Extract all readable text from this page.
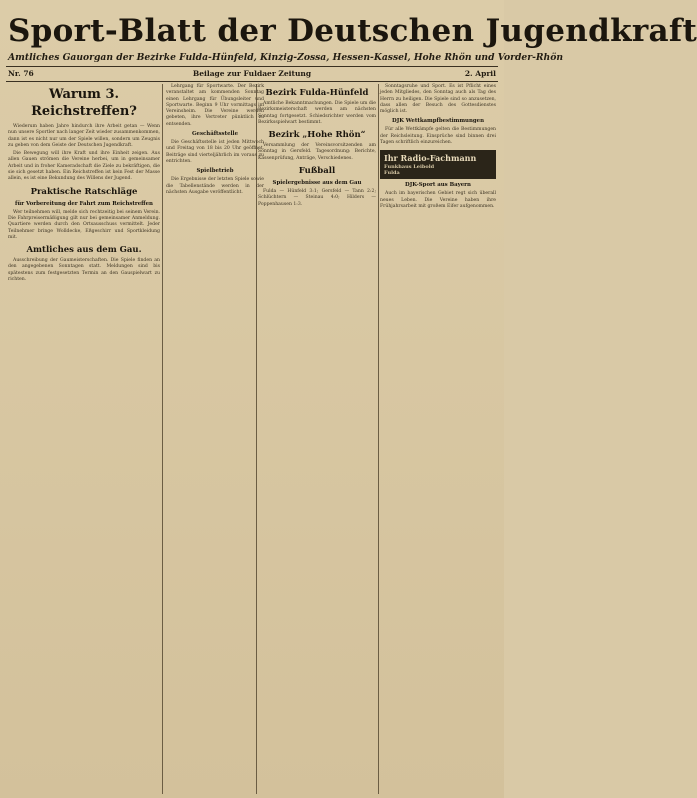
Sport-Blatt der Deutschen Jugendkraft
Amtliches Gauorgan der Bezirke Fulda-Hünfeld, Kinzig-Zossa, Hessen-Kassel, Hohe Rhön und Vorder-Rhön
Nr. 76	Beilage zur Fuldaer Zeitung	2. April
Warum 3. Reichstreffen?

Wiederum haben Jahre hindurch ihre Arbeit getan — Wenn nun unsere Sportler nach langer Zeit wieder zusammenkommen, dann ist es nicht nur um der Spiele willen, sondern um Zeugnis zu geben von dem Geiste der Deutschen Jugendkraft.

Die Bewegung will ihre Kraft und ihre Einheit zeigen. Aus allen Gauen strömen die Vereine herbei, um in gemeinsamer Arbeit und in froher Kameradschaft die Ziele zu bekräftigen, die sie sich gesetzt haben. Ein Reichstreffen ist kein Fest der Masse allein, es ist eine Bekundung des Willens der Jugend.

Praktische Ratschläge
für Vorbereitung der Fahrt zum Reichstreffen

Wer teilnehmen will, melde sich rechtzeitig bei seinem Verein. Die Fahrpreisermäßigung gilt nur bei gemeinsamer Anmeldung. Quartiere werden durch den Ortsausschuss vermittelt. Jeder Teilnehmer bringe Wolldecke, Eßgeschirr und Sportkleidung mit.

Amtliches aus dem Gau.

Ausschreibung der Gaumeisterschaften. Die Spiele finden an den angegebenen Sonntagen statt. Meldungen sind bis spätestens zum festgesetzten Termin an den Gauspielwart zu richten.

Lehrgang für Sportwarte. Der Bezirk veranstaltet am kommenden Sonntag einen Lehrgang für Übungsleiter und Sportwarte. Beginn 9 Uhr vormittags im Vereinsheim. Die Vereine werden gebeten, ihre Vertreter pünktlich zu entsenden.

Geschäftsstelle

Die Geschäftsstelle ist jeden Mittwoch und Freitag von 18 bis 20 Uhr geöffnet. Beiträge sind vierteljährlich im voraus zu entrichten.

Spielbetrieb

Die Ergebnisse der letzten Spiele sowie die Tabellenstände werden in der nächsten Ausgabe veröffentlicht.

Bezirk Fulda-Hünfeld

Amtliche Bekanntmachungen. Die Spiele um die Bezirksmeisterschaft werden am nächsten Sonntag fortgesetzt. Schiedsrichter werden vom Bezirksspielwart bestimmt.

Bezirk „Hohe Rhön“

Versammlung der Vereinsvorsitzenden am Sonntag in Gersfeld. Tagesordnung: Berichte, Kassenprüfung, Anträge, Verschiedenes.

Fußball
Spielergebnisse aus dem Gau

Fulda — Hünfeld 3:1; Gersfeld — Tann 2:2; Schlüchtern — Steinau 4:0; Hilders — Poppenhausen 1:3.

Sonntagsruhe und Sport. Es ist Pflicht eines jeden Mitgliedes, den Sonntag auch als Tag des Herrn zu heiligen. Die Spiele sind so anzusetzen, dass allen der Besuch des Gottesdienstes möglich ist.

DJK Wettkampfbestimmungen

Für alle Wettkämpfe gelten die Bestimmungen der Reichsleitung. Einsprüche sind binnen drei Tagen schriftlich einzureichen.

Ihr Radio-Fachmann
Funkhaus Leibold
Fulda
DJK-Sport aus Bayern

Auch im bayerischen Gebiet regt sich überall neues Leben. Die Vereine haben ihre Frühjahrsarbeit mit großem Eifer aufgenommen.
